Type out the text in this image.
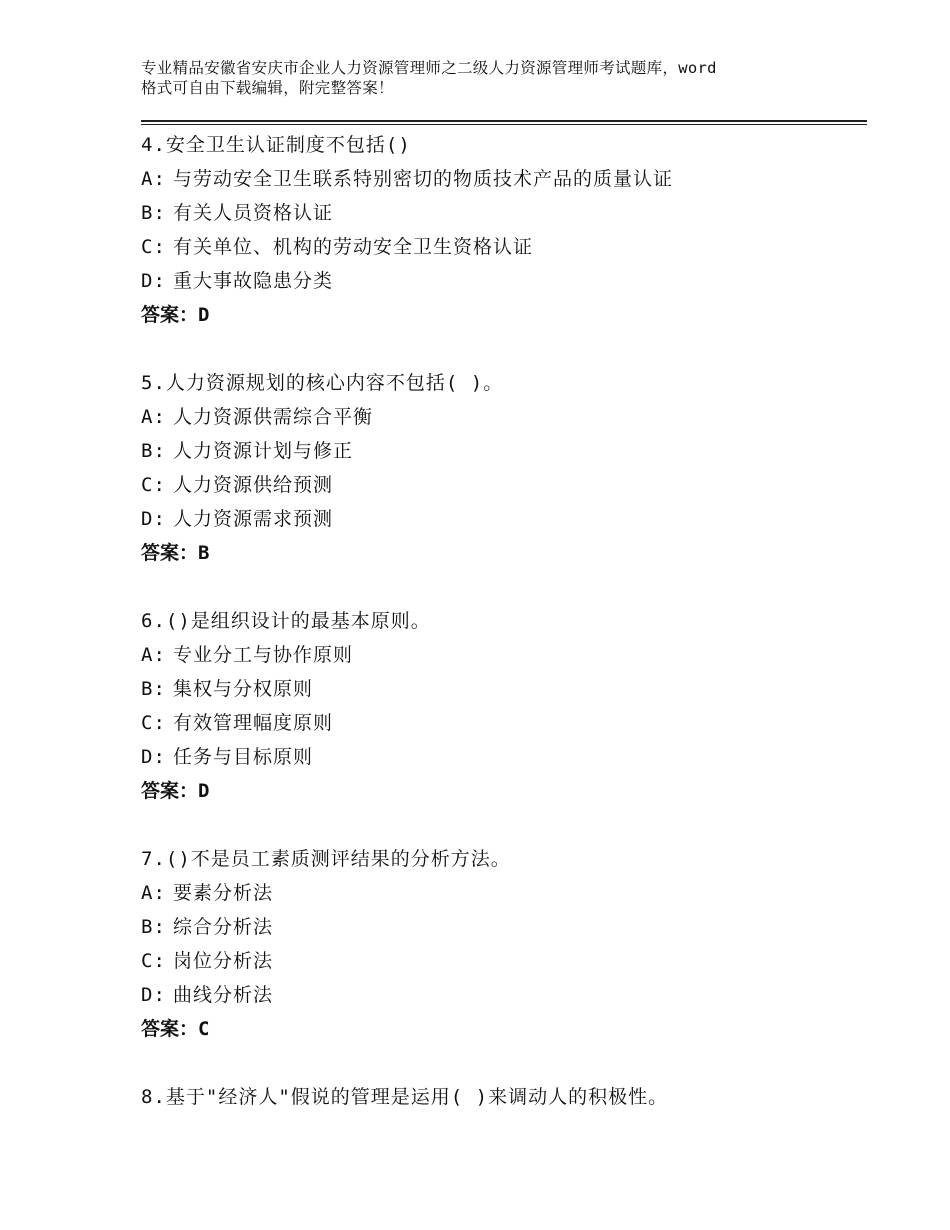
专业精品安徽省安庆市企业人力资源管理师之二级人力资源管理师考试题库，word
格式可自由下载编辑，附完整答案！
4.安全卫生认证制度不包括()
A: 与劳动安全卫生联系特别密切的物质技术产品的质量认证
B: 有关人员资格认证
C: 有关单位、机构的劳动安全卫生资格认证
D: 重大事故隐患分类
答案：D
5.人力资源规划的核心内容不包括( )。
A: 人力资源供需综合平衡
B: 人力资源计划与修正
C: 人力资源供给预测
D: 人力资源需求预测
答案：B
6.()是组织设计的最基本原则。
A: 专业分工与协作原则
B: 集权与分权原则
C: 有效管理幅度原则
D: 任务与目标原则
答案：D
7.()不是员工素质测评结果的分析方法。
A: 要素分析法
B: 综合分析法
C: 岗位分析法
D: 曲线分析法
答案：C
8.基于"经济人"假说的管理是运用( )来调动人的积极性。
